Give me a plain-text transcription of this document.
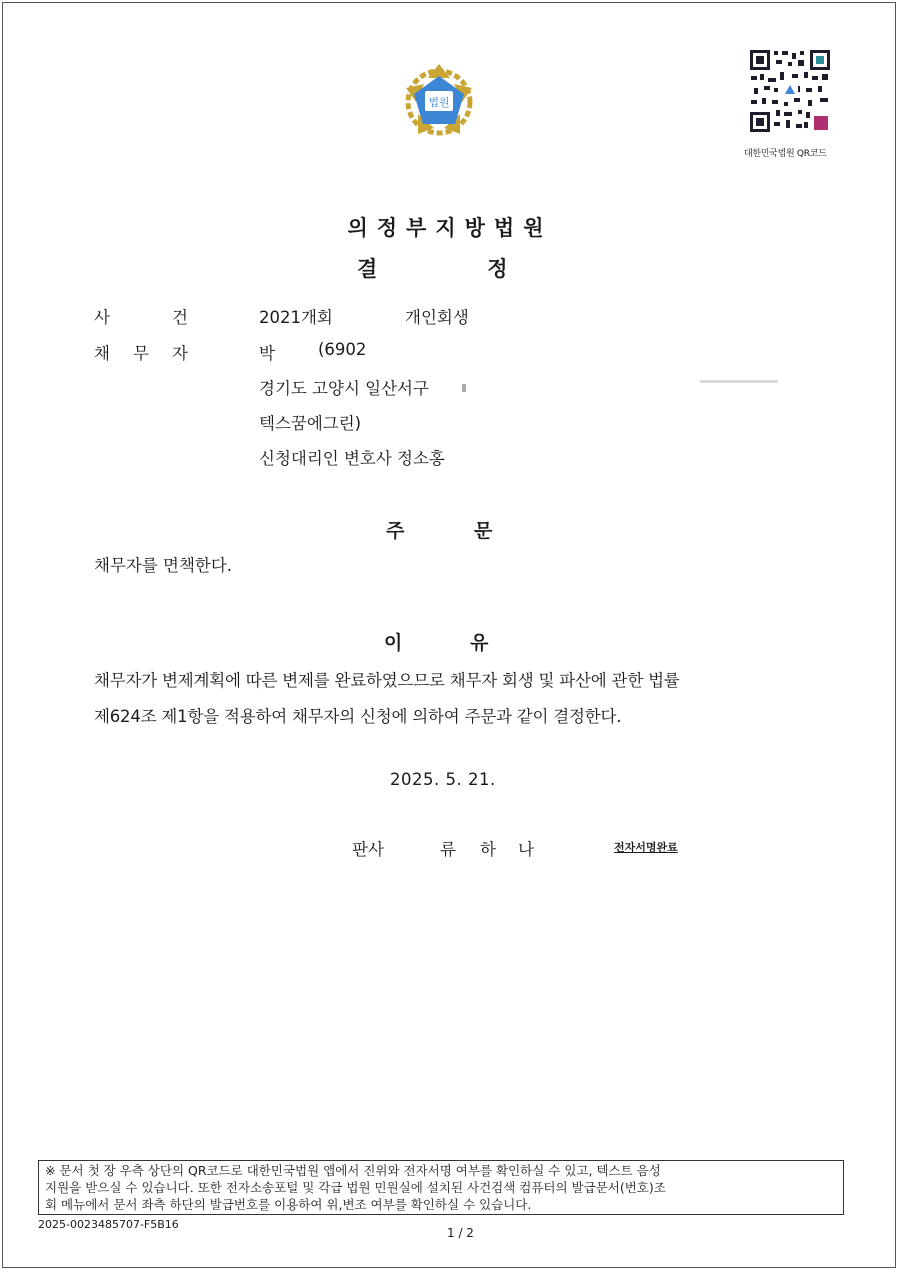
법원
대한민국법원 QR코드
의정부지방법원
결정
사	건	2021개회	개인회생
채 무 자	박	(6902
경기도 고양시 일산서구
텍스꿈에그린)
신청대리인 변호사 정소홍
주	문
채무자를 면책한다.
이	유
채무자가 변제계획에 따른 변제를 완료하였으므로 채무자 회생 및 파산에 관한 법률
제624조 제1항을 적용하여 채무자의 신청에 의하여 주문과 같이 결정한다.
2025. 5. 21.
판사	류 하 나	전자서명완료
※ 문서 첫 장 우측 상단의 QR코드로 대한민국법원 앱에서 진위와 전자서명 여부를 확인하실 수 있고, 텍스트 음성
지원을 받으실 수 있습니다. 또한 전자소송포털 및 각급 법원 민원실에 설치된 사건검색 컴퓨터의 발급문서(번호)조
회 메뉴에서 문서 좌측 하단의 발급번호를 이용하여 위,변조 여부를 확인하실 수 있습니다.
2025-0023485707-F5B16
1 / 2
